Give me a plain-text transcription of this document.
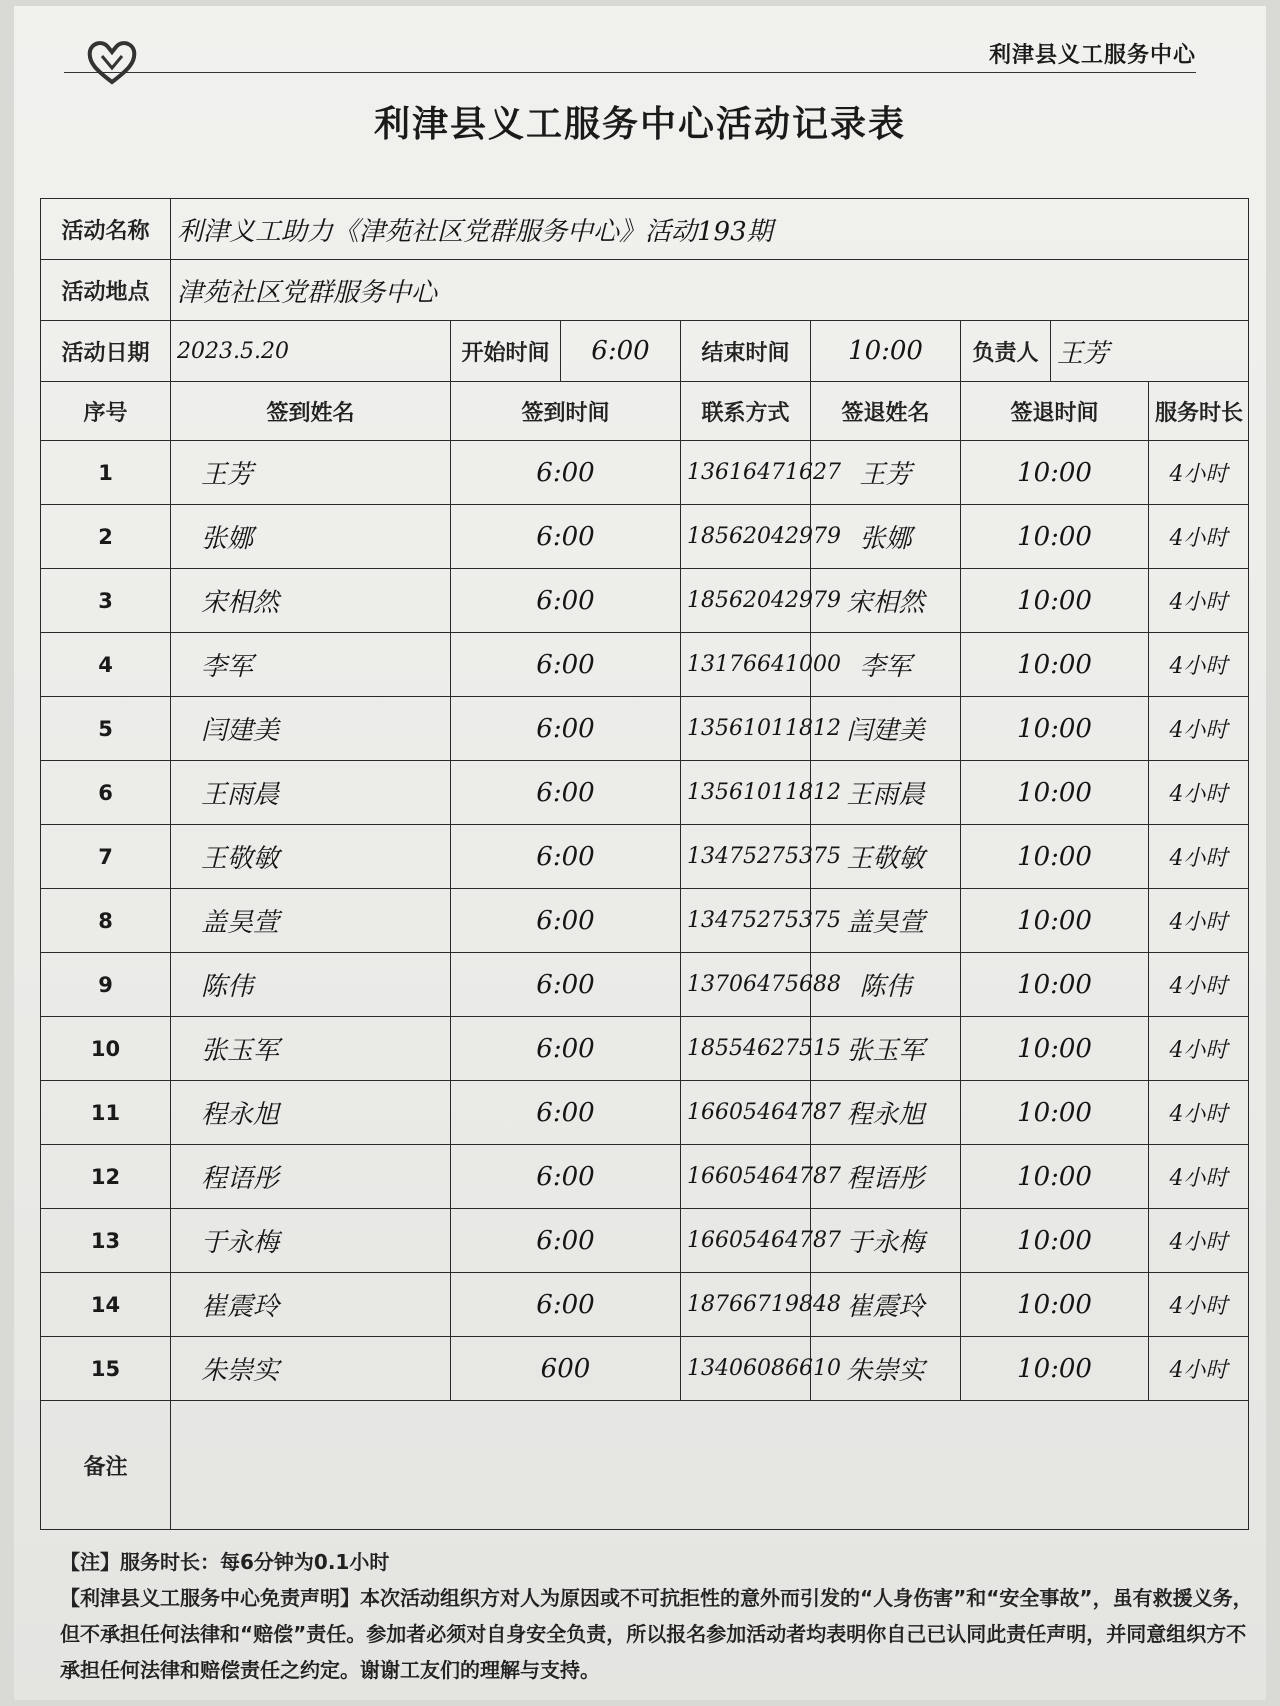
利津县义工服务中心
利津县义工服务中心活动记录表
活动名称	利津义工助力《津苑社区党群服务中心》活动193期							
活动地点	津苑社区党群服务中心							
活动日期	2023.5.20	开始时间	6:00	结束时间	10:00	负责人	王芳	
序号	签到姓名	签到时间		联系方式	签退姓名	签退时间		服务时长
1	王芳	6:00		13616471627	王芳	10:00		4小时
2	张娜	6:00		18562042979	张娜	10:00		4小时
3	宋相然	6:00		18562042979	宋相然	10:00		4小时
4	李军	6:00		13176641000	李军	10:00		4小时
5	闫建美	6:00		13561011812	闫建美	10:00		4小时
6	王雨晨	6:00		13561011812	王雨晨	10:00		4小时
7	王敬敏	6:00		13475275375	王敬敏	10:00		4小时
8	盖昊萱	6:00		13475275375	盖昊萱	10:00		4小时
9	陈伟	6:00		13706475688	陈伟	10:00		4小时
10	张玉军	6:00		18554627515	张玉军	10:00		4小时
11	程永旭	6:00		16605464787	程永旭	10:00		4小时
12	程语彤	6:00		16605464787	程语彤	10:00		4小时
13	于永梅	6:00		16605464787	于永梅	10:00		4小时
14	崔震玲	6:00		18766719848	崔震玲	10:00		4小时
15	朱崇实	600		13406086610	朱崇实	10:00		4小时
备注								

【注】服务时长：每6分钟为0.1小时

【利津县义工服务中心免责声明】本次活动组织方对人为原因或不可抗拒性的意外而引发的“人身伤害”和“安全事故”，虽有救援义务，但不承担任何法律和“赔偿”责任。参加者必须对自身安全负责，所以报名参加活动者均表明你自己已认同此责任声明，并同意组织方不承担任何法律和赔偿责任之约定。谢谢工友们的理解与支持。
